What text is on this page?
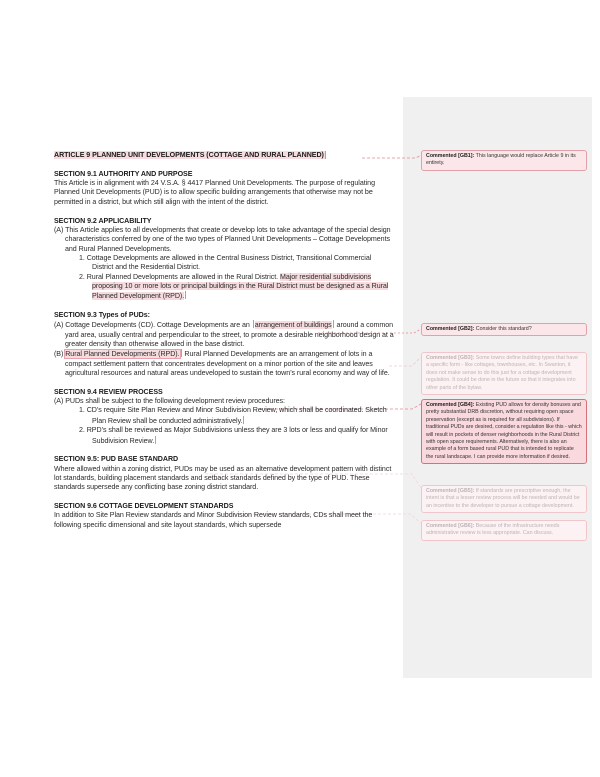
ARTICLE 9 PLANNED UNIT DEVELOPMENTS (COTTAGE AND RURAL PLANNED)

SECTION 9.1 AUTHORITY AND PURPOSE

This Article is in alignment with 24 V.S.A. § 4417 Planned Unit Developments. The purpose of regulating Planned Unit Developments (PUD) is to allow specific building arrangements that otherwise may not be permitted in a district, but which still align with the intent of the district.

SECTION 9.2 APPLICABILITY

(A) This Article applies to all developments that create or develop lots to take advantage of the special design characteristics conferred by one of the two types of Planned Unit Developments – Cottage Developments and Rural Planned Developments.

1. Cottage Developments are allowed in the Central Business District, Transitional Commercial District and the Residential District.

2. Rural Planned Developments are allowed in the Rural District. Major residential subdivisions proposing 10 or more lots or principal buildings in the Rural District must be designed as a Rural Planned Development (RPD).

SECTION 9.3 Types of PUDs:

(A) Cottage Developments (CD). Cottage Developments are an arrangement of buildings around a common yard area, usually central and perpendicular to the street, to promote a desirable neighborhood design at a greater density than otherwise allowed in the base district.

(B) Rural Planned Developments (RPD). Rural Planned Developments are an arrangement of lots in a compact settlement pattern that concentrates development on a minor portion of the site and leaves agricultural resources and natural areas undeveloped to sustain the town’s rural economy and way of life.

SECTION 9.4 REVIEW PROCESS

(A) PUDs shall be subject to the following development review procedures:

1. CD’s require Site Plan Review and Minor Subdivision Review, which shall be coordinated. Sketch Plan Review shall be conducted administratively.

2. RPD’s shall be reviewed as Major Subdivisions unless they are 3 lots or less and qualify for Minor Subdivision Review.

SECTION 9.5: PUD BASE STANDARD

Where allowed within a zoning district, PUDs may be used as an alternative development pattern with distinct lot standards, building placement standards and setback standards defined by the type of PUD. These standards supersede any conflicting base zoning district standard.

SECTION 9.6 COTTAGE DEVELOPMENT STANDARDS

In addition to Site Plan Review standards and Minor Subdivision Review standards, CDs shall meet the following specific dimensional and site layout standards, which supersede

Commented [GB1]: This language would replace Article 9 in its entirety.
Commented [GB2]: Consider this standard?
Commented [GB3]: Some towns define building types that have a specific form - like cottages, townhouses, etc. In Swanton, it does not make sense to do this just for a cottage development regulation. It could be done in the future so that it integrates into other parts of the bylaw.
Commented [GB4]: Existing PUD allows for density bonuses and pretty substantial DRB discretion, without requiring open space preservation (except as is required for all subdivisions). If traditional PUDs are desired, consider a regulation like this - which will result in pockets of denser neighborhoods in the Rural District with open space requirements. Alternatively, there is also an example of a form based rural PUD that is intended to replicate the rural landscape. I can provide more information if desired.
Commented [GB5]: If standards are prescriptive enough, the intent is that a lesser review process will be needed and would be an incentive to the developer to pursue a cottage development.
Commented [GB6]: Because of the infrastructure needs administrative review is less appropriate. Can discuss.
